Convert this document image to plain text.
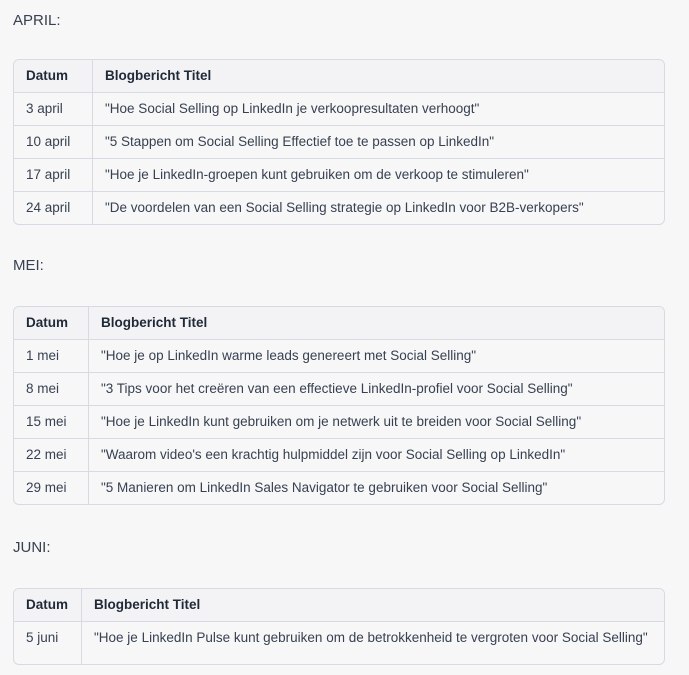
APRIL:

Datum	Blogbericht Titel
3 april	"Hoe Social Selling op LinkedIn je verkoopresultaten verhoogt"
10 april	"5 Stappen om Social Selling Effectief toe te passen op LinkedIn"
17 april	"Hoe je LinkedIn-groepen kunt gebruiken om de verkoop te stimuleren"
24 april	"De voordelen van een Social Selling strategie op LinkedIn voor B2B-verkopers"

MEI:

Datum	Blogbericht Titel
1 mei	"Hoe je op LinkedIn warme leads genereert met Social Selling"
8 mei	"3 Tips voor het creëren van een effectieve LinkedIn-profiel voor Social Selling"
15 mei	"Hoe je LinkedIn kunt gebruiken om je netwerk uit te breiden voor Social Selling"
22 mei	"Waarom video's een krachtig hulpmiddel zijn voor Social Selling op LinkedIn"
29 mei	"5 Manieren om LinkedIn Sales Navigator te gebruiken voor Social Selling"

JUNI:

Datum	Blogbericht Titel
5 juni	"Hoe je LinkedIn Pulse kunt gebruiken om de betrokkenheid te vergroten voor Social Selling"
